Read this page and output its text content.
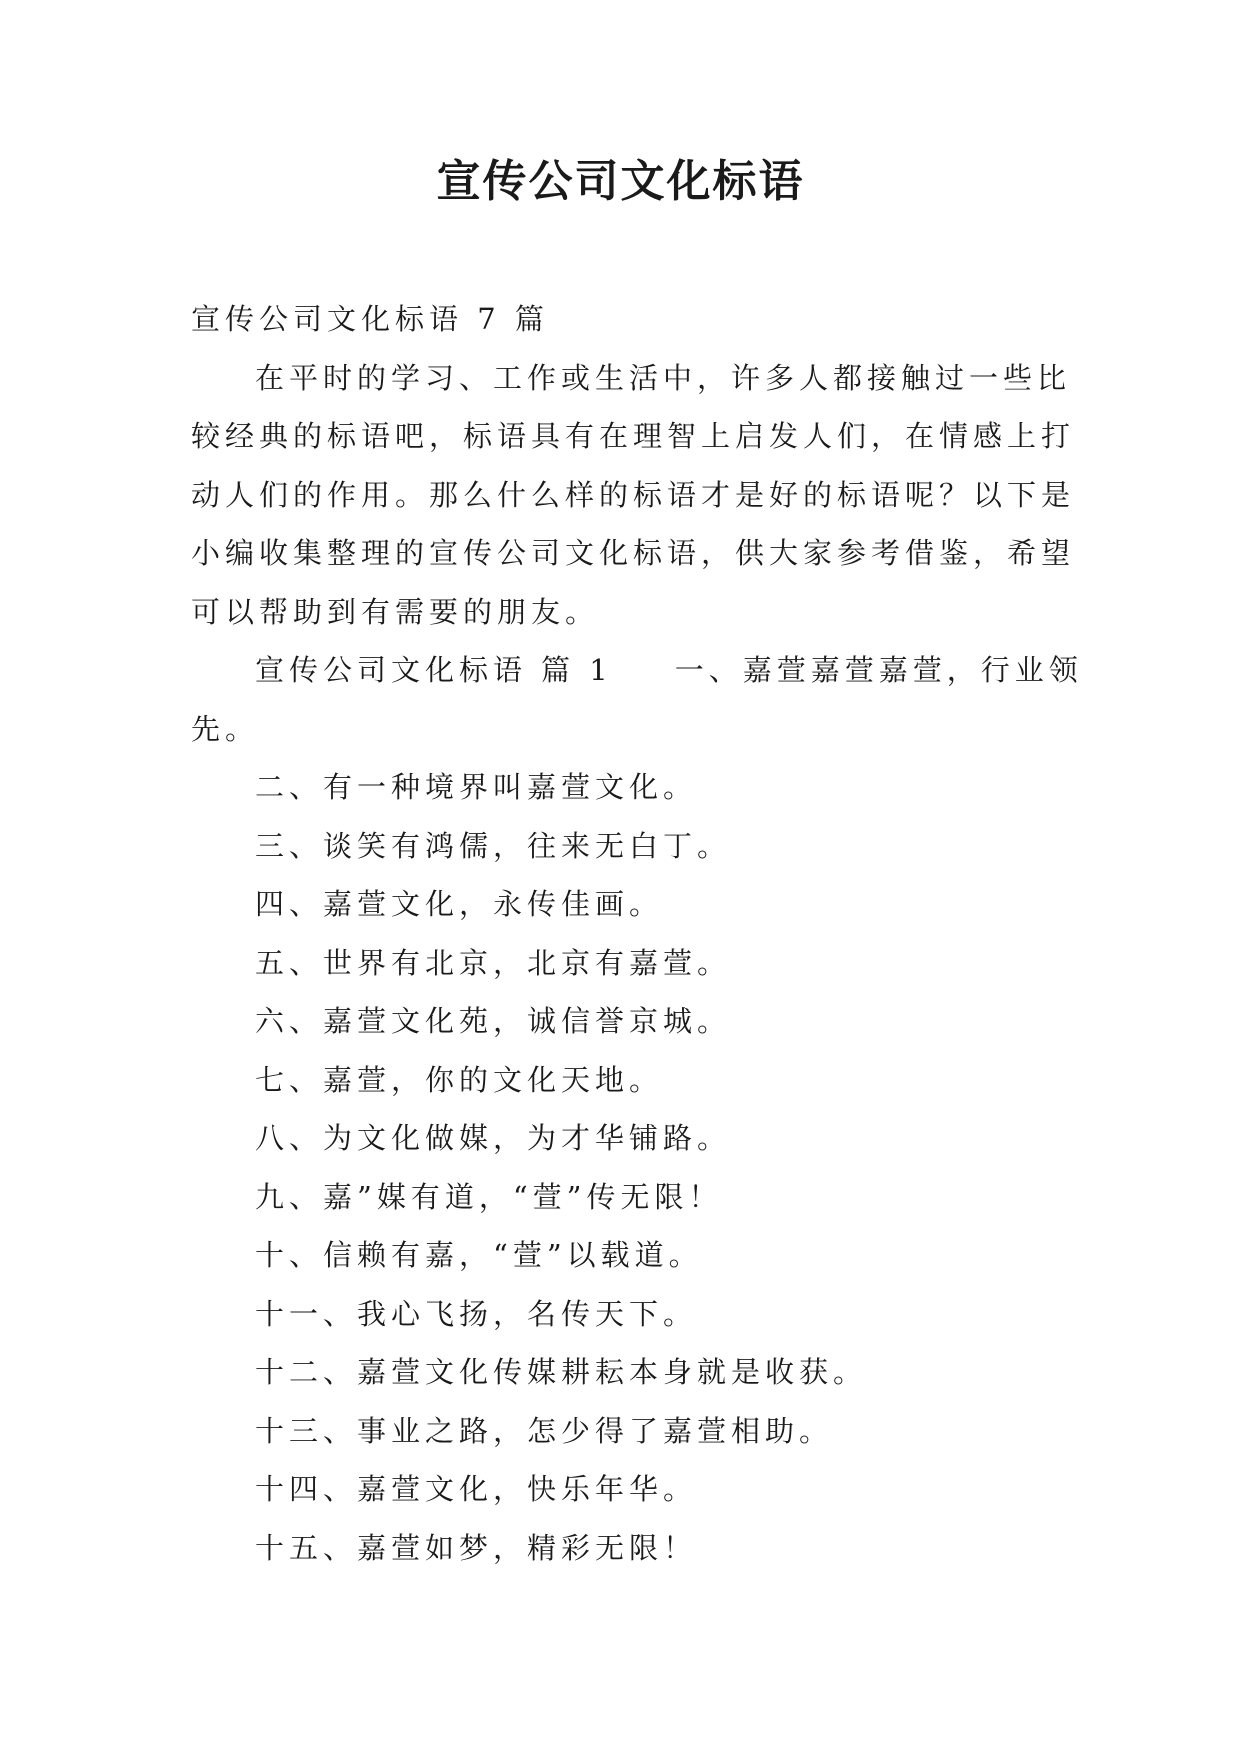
宣传公司文化标语
宣传公司文化标语 7 篇
在平时的学习、工作或生活中，许多人都接触过一些比
较经典的标语吧，标语具有在理智上启发人们，在情感上打
动人们的作用。那么什么样的标语才是好的标语呢？以下是
小编收集整理的宣传公司文化标语，供大家参考借鉴，希望
可以帮助到有需要的朋友。
宣传公司文化标语 篇 1 一、嘉萱嘉萱嘉萱，行业领
先。
二、有一种境界叫嘉萱文化。
三、谈笑有鸿儒，往来无白丁。
四、嘉萱文化，永传佳画。
五、世界有北京，北京有嘉萱。
六、嘉萱文化苑，诚信誉京城。
七、嘉萱，你的文化天地。
八、为文化做媒，为才华铺路。
九、嘉”媒有道，“萱”传无限！
十、信赖有嘉，“萱”以载道。
十一、我心飞扬，名传天下。
十二、嘉萱文化传媒耕耘本身就是收获。
十三、事业之路，怎少得了嘉萱相助。
十四、嘉萱文化，快乐年华。
十五、嘉萱如梦，精彩无限！
